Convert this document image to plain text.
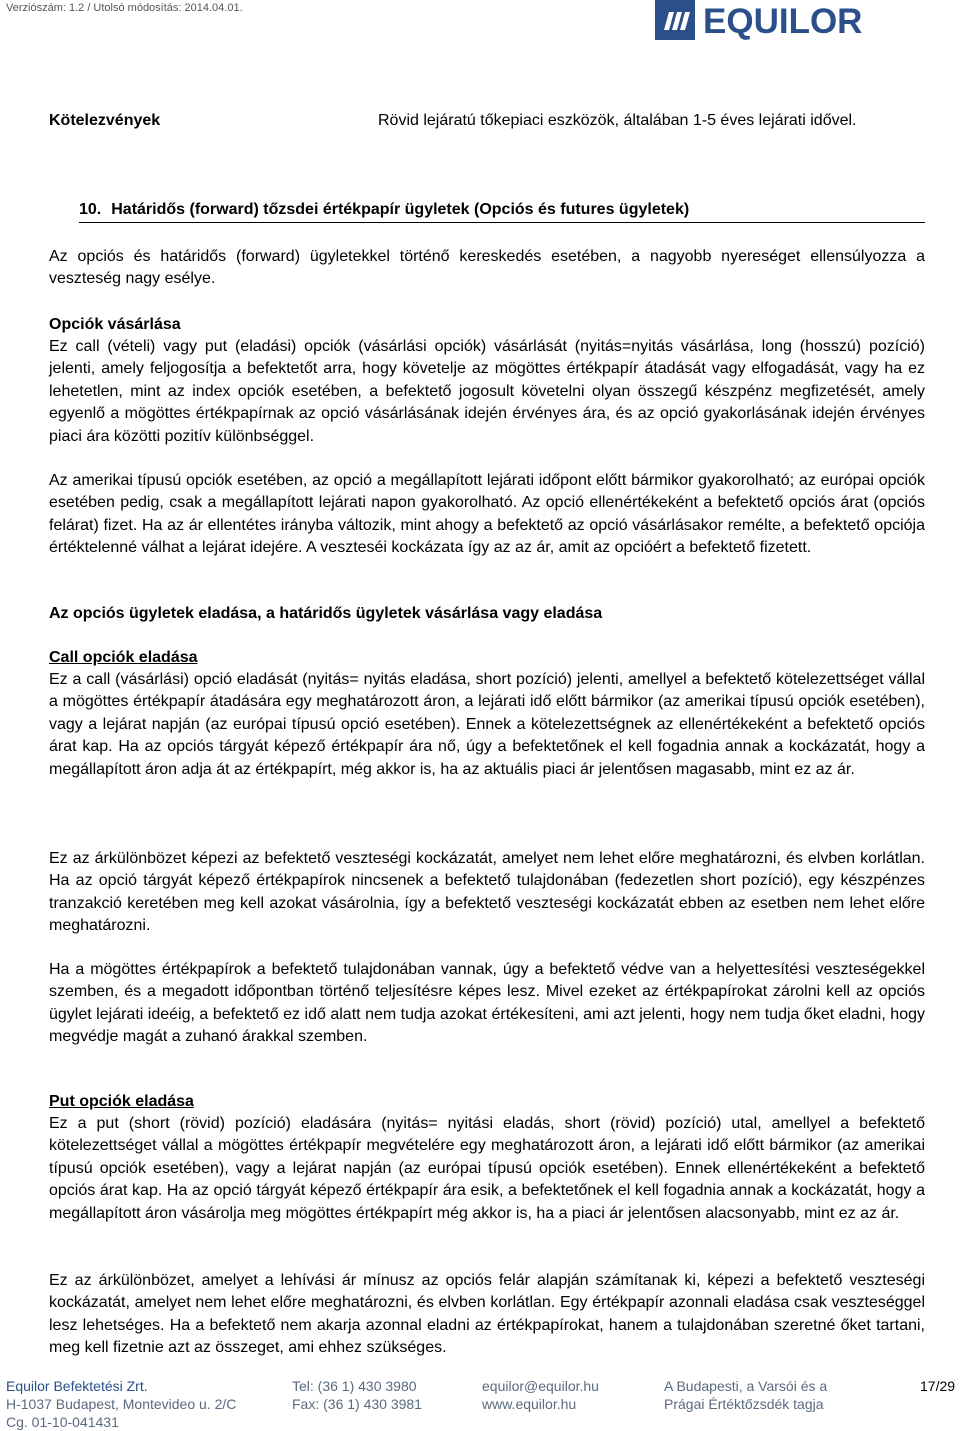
Verziószám: 1.2 / Utolsó módosítás: 2014.04.01.	EQUILOR
Kötelezvények	Rövid lejáratú tőkepiaci eszközök, általában 1-5 éves lejárati idővel.
10. Határidős (forward) tőzsdei értékpapír ügyletek (Opciós és futures ügyletek)

Az opciós és határidős (forward) ügyletekkel történő kereskedés esetében, a nagyobb nyereséget ellensúlyozza a veszteség nagy esélye.

Opciók vásárlása

Ez call (vételi) vagy put (eladási) opciók (vásárlási opciók) vásárlását (nyitás=nyitás vásárlása, long (hosszú) pozíció) jelenti, amely feljogosítja a befektetőt arra, hogy követelje az mögöttes értékpapír átadását vagy elfogadását, vagy ha ez lehetetlen, mint az index opciók esetében, a befektető jogosult követelni olyan összegű készpénz megfizetését, amely egyenlő a mögöttes értékpapírnak az opció vásárlásának idején érvényes ára, és az opció gyakorlásának idején érvényes piaci ára közötti pozitív különbséggel.

Az amerikai típusú opciók esetében, az opció a megállapított lejárati időpont előtt bármikor gyakorolható; az európai opciók esetében pedig, csak a megállapított lejárati napon gyakorolható. Az opció ellenértékeként a befektető opciós árat (opciós felárat) fizet. Ha az ár ellentétes irányba változik, mint ahogy a befektető az opció vásárlásakor remélte, a befektető opciója értéktelenné válhat a lejárat idejére. A veszteséi kockázata így az az ár, amit az opcióért a befektető fizetett.

Az opciós ügyletek eladása, a határidős ügyletek vásárlása vagy eladása

Call opciók eladása

Ez a call (vásárlási) opció eladását (nyitás= nyitás eladása, short pozíció) jelenti, amellyel a befektető kötelezettséget vállal a mögöttes értékpapír átadására egy meghatározott áron, a lejárati idő előtt bármikor (az amerikai típusú opciók esetében), vagy a lejárat napján (az európai típusú opció esetében). Ennek a kötelezettségnek az ellenértékeként a befektető opciós árat kap. Ha az opciós tárgyát képező értékpapír ára nő, úgy a befektetőnek el kell fogadnia annak a kockázatát, hogy a megállapított áron adja át az értékpapírt, még akkor is, ha az aktuális piaci ár jelentősen magasabb, mint ez az ár.

Ez az árkülönbözet képezi az befektető veszteségi kockázatát, amelyet nem lehet előre meghatározni, és elvben korlátlan. Ha az opció tárgyát képező értékpapírok nincsenek a befektető tulajdonában (fedezetlen short pozíció), egy készpénzes tranzakció keretében meg kell azokat vásárolnia, így a befektető veszteségi kockázatát ebben az esetben nem lehet előre meghatározni.

Ha a mögöttes értékpapírok a befektető tulajdonában vannak, úgy a befektető védve van a helyettesítési veszteségekkel szemben, és a megadott időpontban történő teljesítésre képes lesz. Mivel ezeket az értékpapírokat zárolni kell az opciós ügylet lejárati ideéig, a befektető ez idő alatt nem tudja azokat értékesíteni, ami azt jelenti, hogy nem tudja őket eladni, hogy megvédje magát a zuhanó árakkal szemben.

Put opciók eladása

Ez a put (short (rövid) pozíció) eladására (nyitás= nyitási eladás, short (rövid) pozíció) utal, amellyel a befektető kötelezettséget vállal a mögöttes értékpapír megvételére egy meghatározott áron, a lejárati idő előtt bármikor (az amerikai típusú opciók esetében), vagy a lejárat napján (az európai típusú opciók esetében). Ennek ellenértékeként a befektető opciós árat kap. Ha az opció tárgyát képező értékpapír ára esik, a befektetőnek el kell fogadnia annak a kockázatát, hogy a megállapított áron vásárolja meg mögöttes értékpapírt még akkor is, ha a piaci ár jelentősen alacsonyabb, mint ez az ár.

Ez az árkülönbözet, amelyet a lehívási ár mínusz az opciós felár alapján számítanak ki, képezi a befektető veszteségi kockázatát, amelyet nem lehet előre meghatározni, és elvben korlátlan. Egy értékpapír azonnali eladása csak veszteséggel lesz lehetséges. Ha a befektető nem akarja azonnal eladni az értékpapírokat, hanem a tulajdonában szeretné őket tartani, meg kell fizetnie azt az összeget, ami ehhez szükséges.

Equilor Befektetési Zrt.
H-1037 Budapest, Montevideo u. 2/C
Cg. 01-10-041431
Tel: (36 1) 430 3980
Fax: (36 1) 430 3981
equilor@equilor.hu
www.equilor.hu
A Budapesti, a Varsói és a
Prágai Értéktőzsdék tagja
17/29
